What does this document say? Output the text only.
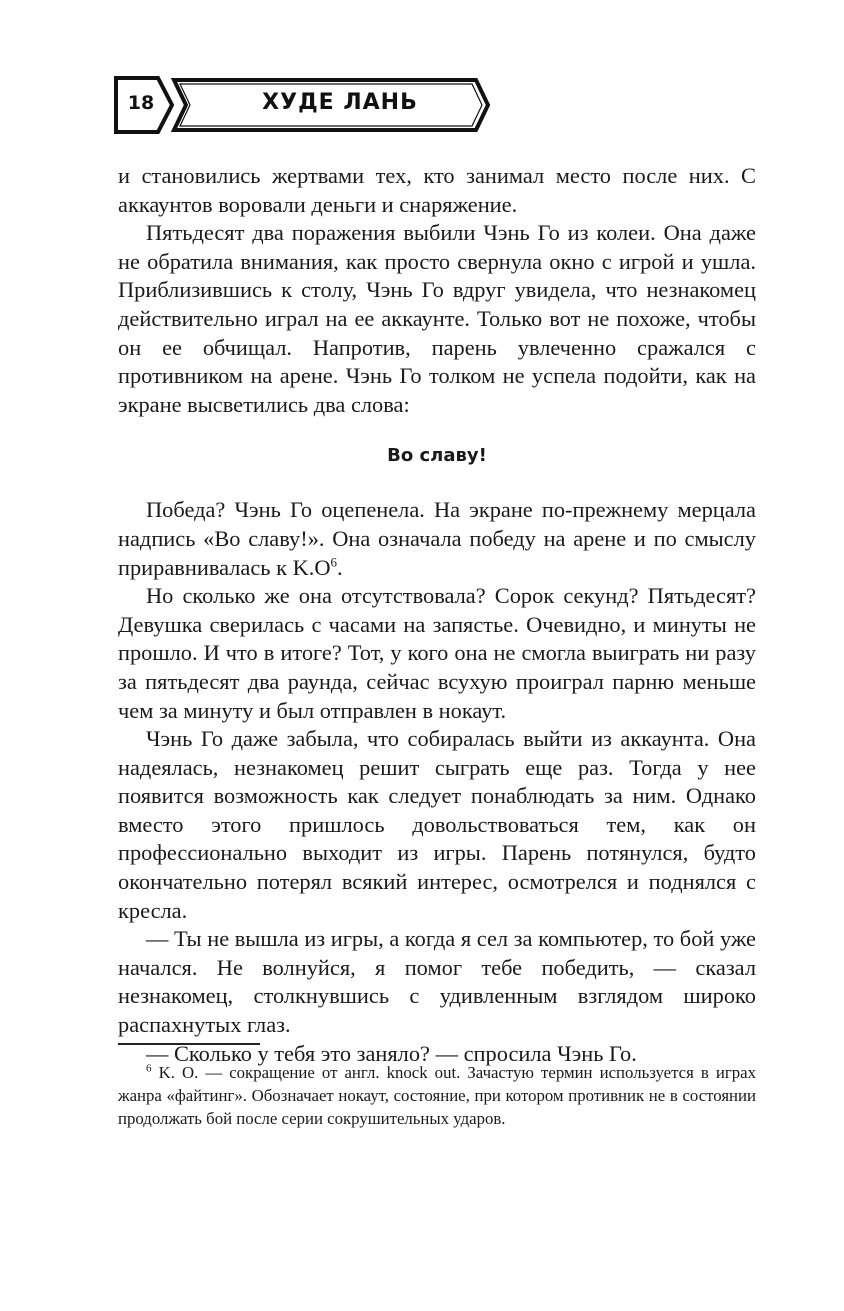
18	ХУДЕ ЛАНЬ

и становились жертвами тех, кто занимал место после них. С аккаунтов воровали деньги и снаряжение.

Пятьдесят два поражения выбили Чэнь Го из колеи. Она даже не обратила внимания, как просто свернула окно с игрой и ушла. Приблизившись к столу, Чэнь Го вдруг увидела, что незнакомец действительно играл на ее аккаунте. Только вот не похоже, чтобы он ее обчищал. Напротив, парень увлеченно сражался с противником на арене. Чэнь Го толком не успела подойти, как на экране высветились два слова:

Во славу!

Победа? Чэнь Го оцепенела. На экране по-прежнему мерцала надпись «Во славу!». Она означала победу на арене и по смыслу приравнивалась к $K.O^6$.

Но сколько же она отсутствовала? Сорок секунд? Пятьдесят? Девушка сверилась с часами на запястье. Очевидно, и минуты не прошло. И что в итоге? Тот, у кого она не смогла выиграть ни разу за пятьдесят два раунда, сейчас всухую проиграл парню меньше чем за минуту и был отправлен в нокаут.

Чэнь Го даже забыла, что собиралась выйти из аккаунта. Она надеялась, незнакомец решит сыграть еще раз. Тогда у нее появится возможность как следует понаблюдать за ним. Однако вместо этого пришлось довольствоваться тем, как он профессионально выходит из игры. Парень потянулся, будто окончательно потерял всякий интерес, осмотрелся и поднялся с кресла.

— Ты не вышла из игры, а когда я сел за компьютер, то бой уже начался. Не волнуйся, я помог тебе победить, — сказал незнакомец, столкнувшись с удивленным взглядом широко распахнутых глаз.

— Сколько у тебя это заняло? — спросила Чэнь Го.

$^6$ K. O. — сокращение от англ. knock out. Зачастую термин используется в играх жанра «файтинг». Обозначает нокаут, состояние, при котором противник не в состоянии продолжать бой после серии сокрушительных ударов.
